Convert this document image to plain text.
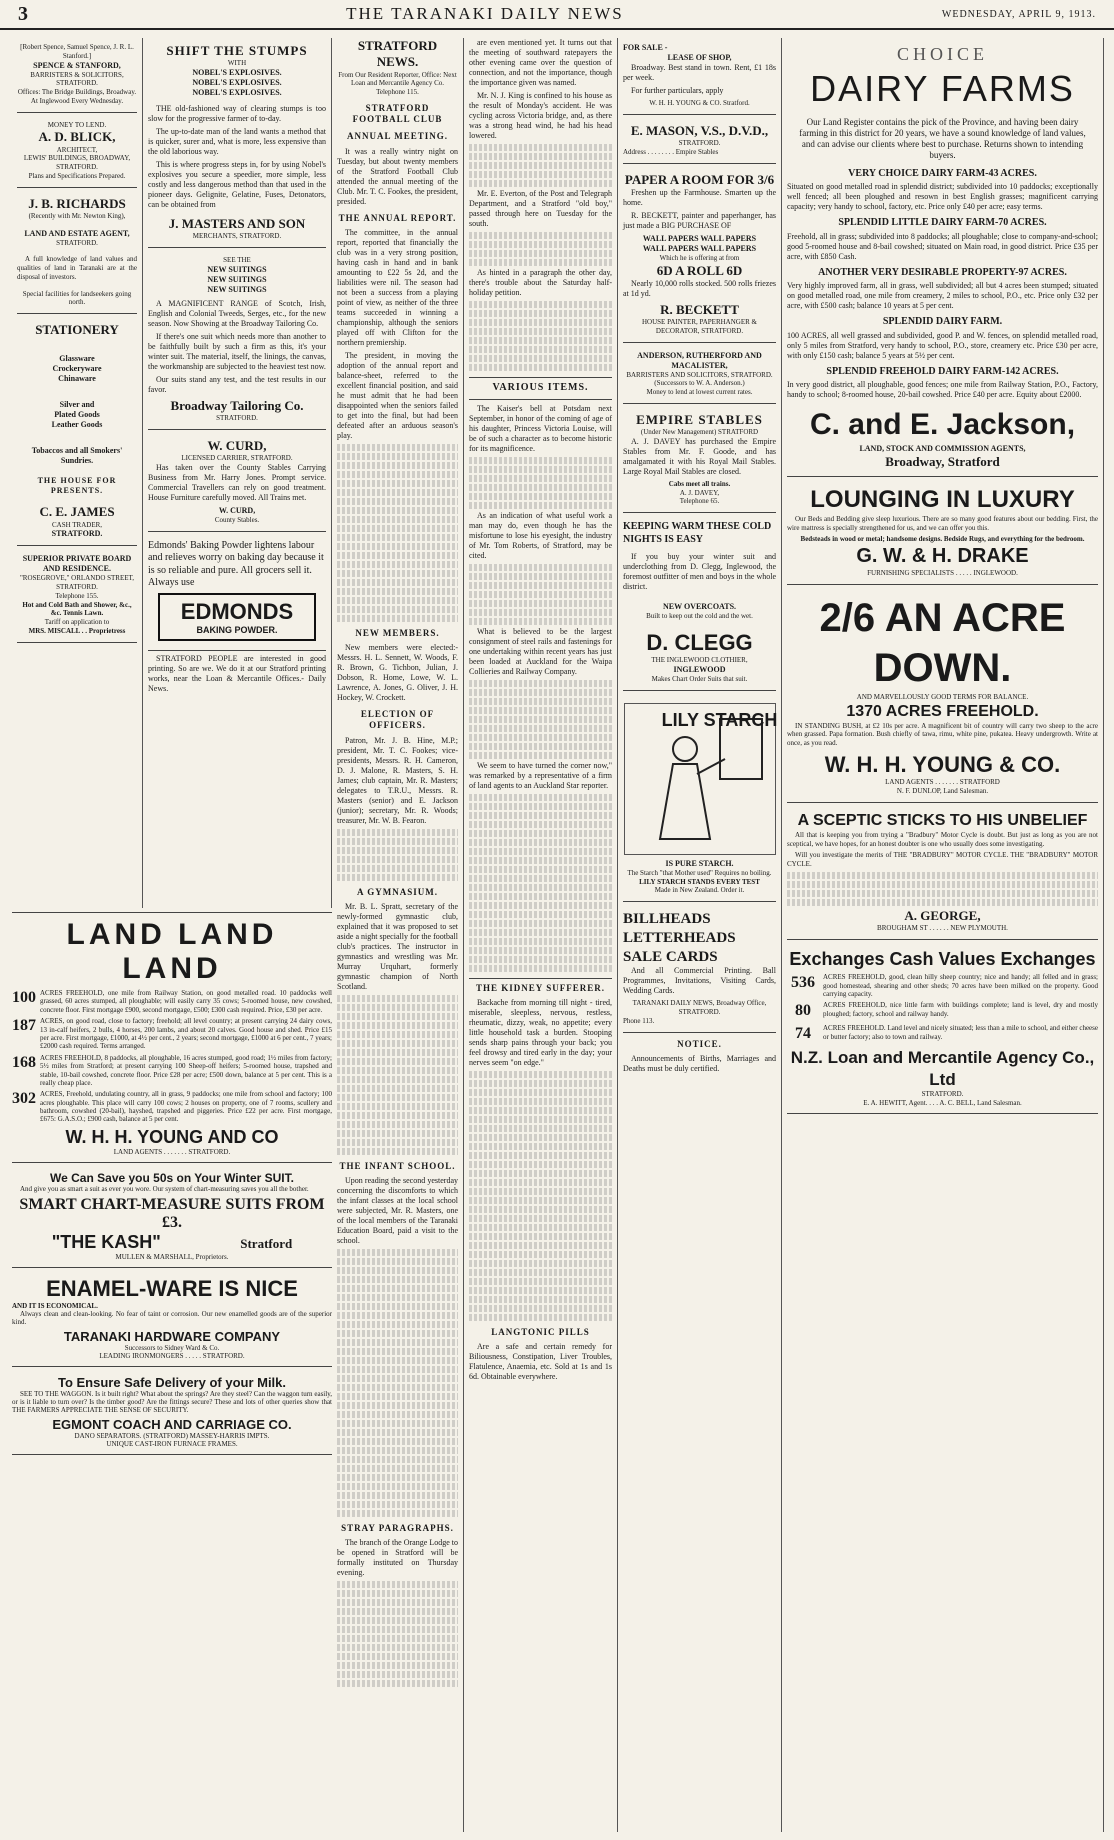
3	THE TARANAKI DAILY NEWS	WEDNESDAY, APRIL 9, 1913.
[Robert Spence, Samuel Spence, J. R. L. Stanford.]
SPENCE & STANFORD,
BARRISTERS & SOLICITORS, STRATFORD.
Offices: The Bridge Buildings, Broadway.
At Inglewood Every Wednesday.
MONEY TO LEND.
A. D. BLICK,
ARCHITECT,
LEWIS' BUILDINGS, BROADWAY, STRATFORD.
Plans and Specifications Prepared.
J. B. RICHARDS
(Recently with Mr. Newton King),
LAND AND ESTATE AGENT,
STRATFORD.
A full knowledge of land values and qualities of land in Taranaki are at the disposal of investors.
Special facilities for landseekers going north.
STATIONERY
Glassware
Crockeryware
Chinaware
Silver and
Plated Goods
Leather Goods
Tobaccos and all Smokers' Sundries.
THE HOUSE FOR PRESENTS.
C. E. JAMES
CASH TRADER,
STRATFORD.
SUPERIOR PRIVATE BOARD AND RESIDENCE.
"ROSEGROVE," ORLANDO STREET, STRATFORD.
Telephone 155.
Hot and Cold Bath and Shower, &c., &c. Tennis Lawn.
Tariff on application to
MRS. MISCALL . . Proprietress
SHIFT THE STUMPS
WITH
NOBEL'S EXPLOSIVES.
NOBEL'S EXPLOSIVES.
NOBEL'S EXPLOSIVES.
THE old-fashioned way of clearing stumps is too slow for the progressive farmer of to-day.
The up-to-date man of the land wants a method that is quicker, surer and, what is more, less expensive than the old laborious way.
This is where progress steps in, for by using Nobel's explosives you secure a speedier, more simple, less costly and less dangerous method than that used in the pioneer days. Gelignite, Gelatine, Fuses, Detonators, can be obtained from
J. MASTERS AND SON
MERCHANTS, STRATFORD.
SEE THE
NEW SUITINGS
NEW SUITINGS
NEW SUITINGS
A MAGNIFICENT RANGE of Scotch, Irish, English and Colonial Tweeds, Serges, etc., for the new season. Now Showing at the Broadway Tailoring Co.
If there's one suit which needs more than another to be faithfully built by such a firm as this, it's your winter suit. The material, itself, the linings, the canvas, the workmanship are subjected to the heaviest test now.
Our suits stand any test, and the test results in our favor.
Broadway Tailoring Co.
STRATFORD.
W. CURD,
LICENSED CARRIER, STRATFORD.
Has taken over the County Stables Carrying Business from Mr. Harry Jones. Prompt service. Commercial Travellers can rely on good treatment. House Furniture carefully moved. All Trains met.
W. CURD,
County Stables.
Edmonds' Baking Powder lightens labour and relieves worry on baking day because it is so reliable and pure. All grocers sell it. Always use
EDMONDS
BAKING POWDER.
STRATFORD PEOPLE are interested in good printing. So are we. We do it at our Stratford printing works, near the Loan & Mercantile Offices.- Daily News.
LAND LAND LAND
100 ACRES FREEHOLD, one mile from Railway Station, on good metalled road. 10 paddocks well grassed, 60 acres stumped, all ploughable; will easily carry 35 cows; 5-roomed house, new cowshed, concrete floor. First mortgage £900, second mortgage, £500; £300 cash required. Price, £30 per acre.
187 ACRES, on good road, close to factory; freehold; all level country; at present carrying 24 dairy cows, 13 in-calf heifers, 2 bulls, 4 horses, 200 lambs, and about 20 calves. Good house and shed. Price £15 per acre. First mortgage, £1000, at 4½ per cent., 2 years; second mortgage, £1000 at 6 per cent., 7 years; £2000 cash required. Terms arranged.
168 ACRES FREEHOLD, 8 paddocks, all ploughable, 16 acres stumped, good road; 1½ miles from factory; 5½ miles from Stratford; at present carrying 100 Sheep-off heifers; 5-roomed house, trapshed and stable, 10-bail cowshed, concrete floor. Price £28 per acre; £500 down, balance at 5 per cent. This is a really cheap place.
302 ACRES, Freehold, undulating country, all in grass, 9 paddocks; one mile from school and factory; 100 acres ploughable. This place will carry 100 cows; 2 houses on property, one of 7 rooms, scullery and bathroom, cowshed (20-bail), hayshed, trapshed and piggeries. Price £22 per acre. First mortgage, £675: G.A.S.O.; £900 cash, balance at 5 per cent.
W. H. H. YOUNG AND CO
LAND AGENTS . . . . . . . STRATFORD.
We Can Save you 50s on Your Winter SUIT.
And give you as smart a suit as ever you wore. Our system of chart-measuring saves you all the bother.
SMART CHART-MEASURE SUITS FROM £3.
"THE KASH"	Stratford
MULLEN & MARSHALL, Proprietors.
ENAMEL-WARE IS NICE
AND IT IS ECONOMICAL.
Always clean and clean-looking. No fear of taint or corrosion. Our new enamelled goods are of the superior kind.
TARANAKI HARDWARE COMPANY
Successors to Sidney Ward & Co.
LEADING IRONMONGERS . . . . . STRATFORD.
To Ensure Safe Delivery of your Milk.
SEE TO THE WAGGON. Is it built right? What about the springs? Are they steel? Can the waggon turn easily, or is it liable to turn over? Is the timber good? Are the fittings secure? These and lots of other queries show that THE FARMERS APPRECIATE THE SENSE OF SECURITY.
EGMONT COACH AND CARRIAGE CO.
DANO SEPARATORS. (STRATFORD) MASSEY-HARRIS IMPTS.
UNIQUE CAST-IRON FURNACE FRAMES.
STRATFORD NEWS.
From Our Resident Reporter, Office: Next Loan and Mercantile Agency Co. Telephone 115.
STRATFORD FOOTBALL CLUB
ANNUAL MEETING.
It was a really wintry night on Tuesday, but about twenty members of the Stratford Football Club attended the annual meeting of the Club. Mr. T. C. Fookes, the president, presided.
THE ANNUAL REPORT.
The committee, in the annual report, reported that financially the club was in a very strong position, having cash in hand and in bank amounting to £22 5s 2d, and the liabilities were nil. The season had not been a success from a playing point of view, as neither of the three teams succeeded in winning a championship, although the seniors played off with Clifton for the northern premiership.
The president, in moving the adoption of the annual report and balance-sheet, referred to the excellent financial position, and said he must admit that he had been disappointed when the seniors failed to get into the final, but had been defeated after an arduous season's play.
NEW MEMBERS.
New members were elected:- Messrs. H. L. Sennett, W. Woods, F. R. Brown, G. Tichbon, Julian, J. Dobson, R. Home, Lowe, W. L. Lawrence, A. Jones, G. Oliver, J. H. Hockey, W. Crockett.
ELECTION OF OFFICERS.
Patron, Mr. J. B. Hine, M.P.; president, Mr. T. C. Fookes; vice-presidents, Messrs. R. H. Cameron, D. J. Malone, R. Masters, S. H. James; club captain, Mr. R. Masters; delegates to T.R.U., Messrs. R. Masters (senior) and E. Jackson (junior); secretary, Mr. R. Woods; treasurer, Mr. W. B. Fearon.
A GYMNASIUM.
Mr. B. L. Spratt, secretary of the newly-formed gymnastic club, explained that it was proposed to set aside a night specially for the football club's practices. The instructor in gymnastics and wrestling was Mr. Murray Urquhart, formerly gymnastic champion of North Scotland.
THE INFANT SCHOOL.
Upon reading the second yesterday concerning the discomforts to which the infant classes at the local school were subjected, Mr. R. Masters, one of the local members of the Taranaki Education Board, paid a visit to the school.
STRAY PARAGRAPHS.
The branch of the Orange Lodge to be opened in Stratford will be formally instituted on Thursday evening.
are even mentioned yet. It turns out that the meeting of southward ratepayers the other evening came over the question of connection, and not the importance, though the importance given was named.
Mr. N. J. King is confined to his house as the result of Monday's accident. He was cycling across Victoria bridge, and, as there was a strong head wind, he had his head lowered.
Mr. E. Everton, of the Post and Telegraph Department, and a Stratford "old boy," passed through here on Tuesday for the south.
As hinted in a paragraph the other day, there's trouble about the Saturday half-holiday petition.
VARIOUS ITEMS.
The Kaiser's bell at Potsdam next September, in honor of the coming of age of his daughter, Princess Victoria Louise, will be of such a character as to become historic for its magnificence.
As an indication of what useful work a man may do, even though he has the misfortune to lose his eyesight, the industry of Mr. Tom Roberts, of Stratford, may be cited.
What is believed to be the largest consignment of steel rails and fastenings for one undertaking within recent years has just been loaded at Auckland for the Waipa Collieries and Railway Company.
We seem to have turned the corner now," was remarked by a representative of a firm of land agents to an Auckland Star reporter.
THE KIDNEY SUFFERER.
Backache from morning till night - tired, miserable, sleepless, nervous, restless, rheumatic, dizzy, weak, no appetite; every little household task a burden. Stooping sends sharp pains through your back; you feel drowsy and tired early in the day; your nerves seem "on edge."
LANGTONIC PILLS
Are a safe and certain remedy for Biliousness, Constipation, Liver Troubles, Flatulence, Anaemia, etc. Sold at 1s and 1s 6d. Obtainable everywhere.
FOR SALE -
LEASE OF SHOP,
Broadway. Best stand in town. Rent, £1 18s per week.
For further particulars, apply
W. H. H. YOUNG & CO. Stratford.
E. MASON, V.S., D.V.D.,
STRATFORD.
Address . . . . . . . . Empire Stables
PAPER A ROOM FOR 3/6
Freshen up the Farmhouse. Smarten up the home.
R. BECKETT, painter and paperhanger, has just made a BIG PURCHASE OF
WALL PAPERS WALL PAPERS
WALL PAPERS WALL PAPERS
Which he is offering at from
6D A ROLL 6D
Nearly 10,000 rolls stocked. 500 rolls friezes at 1d yd.
R. BECKETT
HOUSE PAINTER, PAPERHANGER & DECORATOR, STRATFORD.
ANDERSON, RUTHERFORD AND MACALISTER,
BARRISTERS AND SOLICITORS, STRATFORD.
(Successors to W. A. Anderson.)
Money to lend at lowest current rates.
EMPIRE STABLES
(Under New Management) STRATFORD
A. J. DAVEY has purchased the Empire Stables from Mr. F. Goode, and has amalgamated it with his Royal Mail Stables. Large Royal Mail Stables are closed.
Cabs meet all trains.
A. J. DAVEY,
Telephone 65.
KEEPING WARM THESE COLD NIGHTS IS EASY
If you buy your winter suit and underclothing from D. Clegg, Inglewood, the foremost outfitter of men and boys in the whole district.
NEW OVERCOATS.
Built to keep out the cold and the wet.
D. CLEGG
THE INGLEWOOD CLOTHIER,
INGLEWOOD
Makes Chart Order Suits that suit.
LILY STARCH
IS PURE STARCH.
The Starch "that Mother used" Requires no boiling.
LILY STARCH STANDS EVERY TEST
Made in New Zealand. Order it.
BILLHEADS
LETTERHEADS
SALE CARDS
And all Commercial Printing. Ball Programmes, Invitations, Visiting Cards, Wedding Cards.
TARANAKI DAILY NEWS, Broadway Office, STRATFORD.
Phone 113.
NOTICE.
Announcements of Births, Marriages and Deaths must be duly certified.
CHOICE
DAIRY FARMS
Our Land Register contains the pick of the Province, and having been dairy farming in this district for 20 years, we have a sound knowledge of land values, and can advise our clients where best to purchase. Returns shown to intending buyers.
VERY CHOICE DAIRY FARM-43 ACRES.
Situated on good metalled road in splendid district; subdivided into 10 paddocks; exceptionally well fenced; all been ploughed and resown in best English grasses; magnificent carrying capacity; very handy to school, factory, etc. Price only £40 per acre; easy terms.
SPLENDID LITTLE DAIRY FARM-70 ACRES.
Freehold, all in grass; subdivided into 8 paddocks; all ploughable; close to company-and-school; good 5-roomed house and 8-bail cowshed; situated on Main road, in good district. Price £35 per acre, with £850 Cash.
ANOTHER VERY DESIRABLE PROPERTY-97 ACRES.
Very highly improved farm, all in grass, well subdivided; all but 4 acres been stumped; situated on good metalled road, one mile from creamery, 2 miles to school, P.O., etc. Price only £32 per acre, with £500 cash; balance 10 years at 5 per cent.
SPLENDID DAIRY FARM.
100 ACRES, all well grassed and subdivided, good P. and W. fences, on splendid metalled road, only 5 miles from Stratford, very handy to school, P.O., store, creamery etc. Price £30 per acre, with only £150 cash; balance 5 years at 5½ per cent.
SPLENDID FREEHOLD DAIRY FARM-142 ACRES.
In very good district, all ploughable, good fences; one mile from Railway Station, P.O., Factory, handy to school; 8-roomed house, 20-bail cowshed. Price £40 per acre. Equity about £2000.
C. and E. Jackson,
LAND, STOCK AND COMMISSION AGENTS,
Broadway, Stratford
LOUNGING IN LUXURY
Our Beds and Bedding give sleep luxurious. There are so many good features about our bedding. First, the wire mattress is specially strengthened for us, and we can offer you this.
Bedsteads in wood or metal; handsome designs. Bedside Rugs, and everything for the bedroom.
G. W. & H. DRAKE
FURNISHING SPECIALISTS . . . . . INGLEWOOD.
2/6 AN ACRE DOWN.
AND MARVELLOUSLY GOOD TERMS FOR BALANCE.
1370 ACRES FREEHOLD.
IN STANDING BUSH, at £2 10s per acre. A magnificent bit of country will carry two sheep to the acre when grassed. Papa formation. Bush chiefly of tawa, rimu, white pine, pukatea. Heavy undergrowth. Write at once, as you read.
W. H. H. YOUNG & CO.
LAND AGENTS . . . . . . . STRATFORD
N. F. DUNLOP, Land Salesman.
A SCEPTIC STICKS TO HIS UNBELIEF
All that is keeping you from trying a "Bradbury" Motor Cycle is doubt. But just as long as you are not sceptical, we have hopes, for an honest doubter is one who usually does some investigating.
Will you investigate the merits of THE "BRADBURY" MOTOR CYCLE. THE "BRADBURY" MOTOR CYCLE.
A. GEORGE,
BROUGHAM ST . . . . . . NEW PLYMOUTH.
Exchanges Cash Values Exchanges
536	ACRES FREEHOLD, good, clean hilly sheep country; nice and handy; all felled and in grass; good homestead, shearing and other sheds; 70 acres have been milked on the property. Good carrying capacity.
80	ACRES FREEHOLD, nice little farm with buildings complete; land is level, dry and mostly ploughed; factory, school and railway handy.
74	ACRES FREEHOLD. Land level and nicely situated; less than a mile to school, and either cheese or butter factory; also to town and railway.
N.Z. Loan and Mercantile Agency Co., Ltd
STRATFORD.
E. A. HEWITT, Agent. . . . A. C. BELL, Land Salesman.
